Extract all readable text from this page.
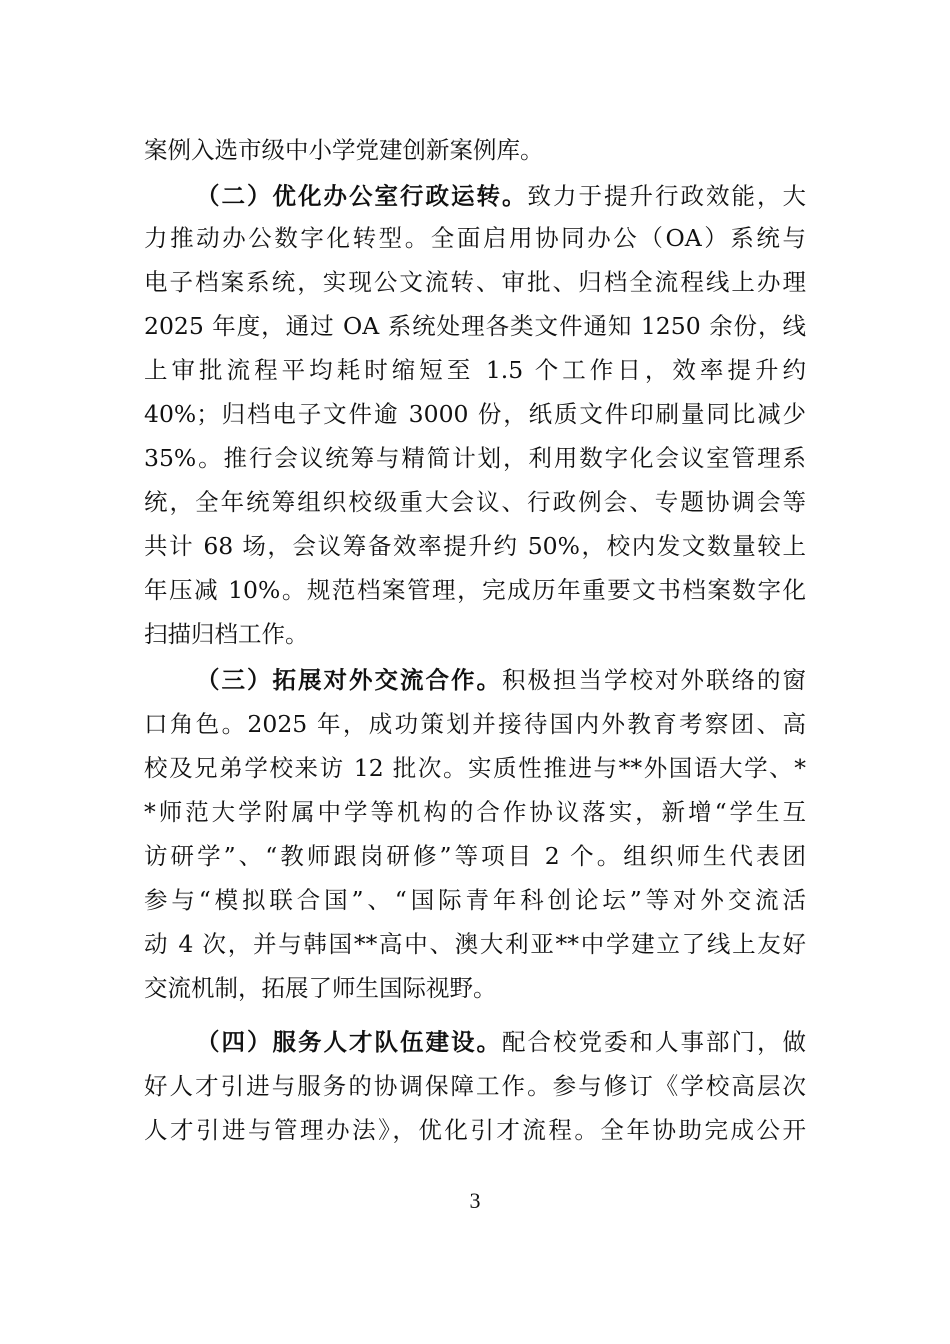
案例入选市级中小学党建创新案例库。
（二）优化办公室行政运转。致力于提升行政效能，大
力推动办公数字化转型。全面启用协同办公（OA）系统与
电子档案系统，实现公文流转、审批、归档全流程线上办理
2025 年度，通过 OA 系统处理各类文件通知 1250 余份，线
上审批流程平均耗时缩短至 1.5 个工作日，效率提升约
40%；归档电子文件逾 3000 份，纸质文件印刷量同比减少
35%。推行会议统筹与精简计划，利用数字化会议室管理系
统，全年统筹组织校级重大会议、行政例会、专题协调会等
共计 68 场，会议筹备效率提升约 50%，校内发文数量较上
年压减 10%。规范档案管理，完成历年重要文书档案数字化
扫描归档工作。
（三）拓展对外交流合作。积极担当学校对外联络的窗
口角色。2025 年，成功策划并接待国内外教育考察团、高
校及兄弟学校来访 12 批次。实质性推进与**外国语大学、*
*师范大学附属中学等机构的合作协议落实，新增“学生互
访研学”、“教师跟岗研修”等项目 2 个。组织师生代表团
参与“模拟联合国”、“国际青年科创论坛”等对外交流活
动 4 次，并与韩国**高中、澳大利亚**中学建立了线上友好
交流机制，拓展了师生国际视野。
（四）服务人才队伍建设。配合校党委和人事部门，做
好人才引进与服务的协调保障工作。参与修订《学校高层次
人才引进与管理办法》，优化引才流程。全年协助完成公开
3
